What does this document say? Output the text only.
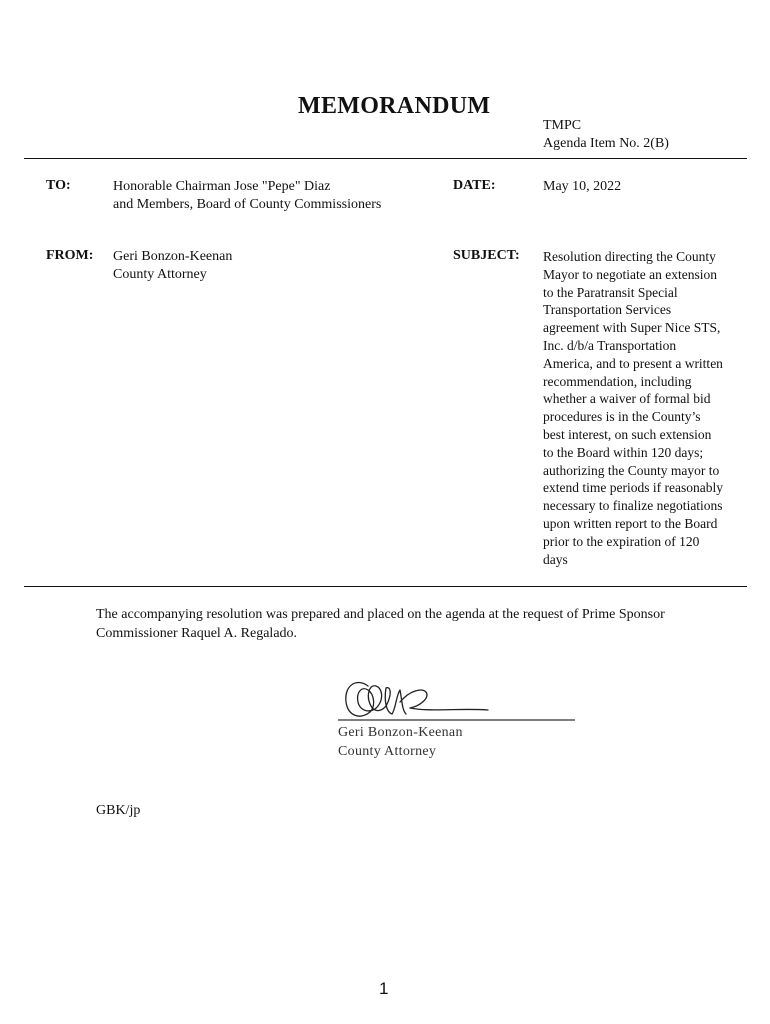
MEMORANDUM
TMPC
Agenda Item No. 2(B)
TO:	Honorable Chairman Jose "Pepe" Diaz
and Members, Board of County Commissioners
DATE:	May 10, 2022
FROM: Geri Bonzon-Keenan
County Attorney
SUBJECT: Resolution directing the County
Mayor to negotiate an extension
to the Paratransit Special
Transportation Services
agreement with Super Nice STS,
Inc. d/b/a Transportation
America, and to present a written
recommendation, including
whether a waiver of formal bid
procedures is in the County’s
best interest, on such extension
to the Board within 120 days;
authorizing the County mayor to
extend time periods if reasonably
necessary to finalize negotiations
upon written report to the Board
prior to the expiration of 120
days
The accompanying resolution was prepared and placed on the agenda at the request of Prime Sponsor
Commissioner Raquel A. Regalado.
Geri Bonzon-Keenan
County Attorney
GBK/jp
1
